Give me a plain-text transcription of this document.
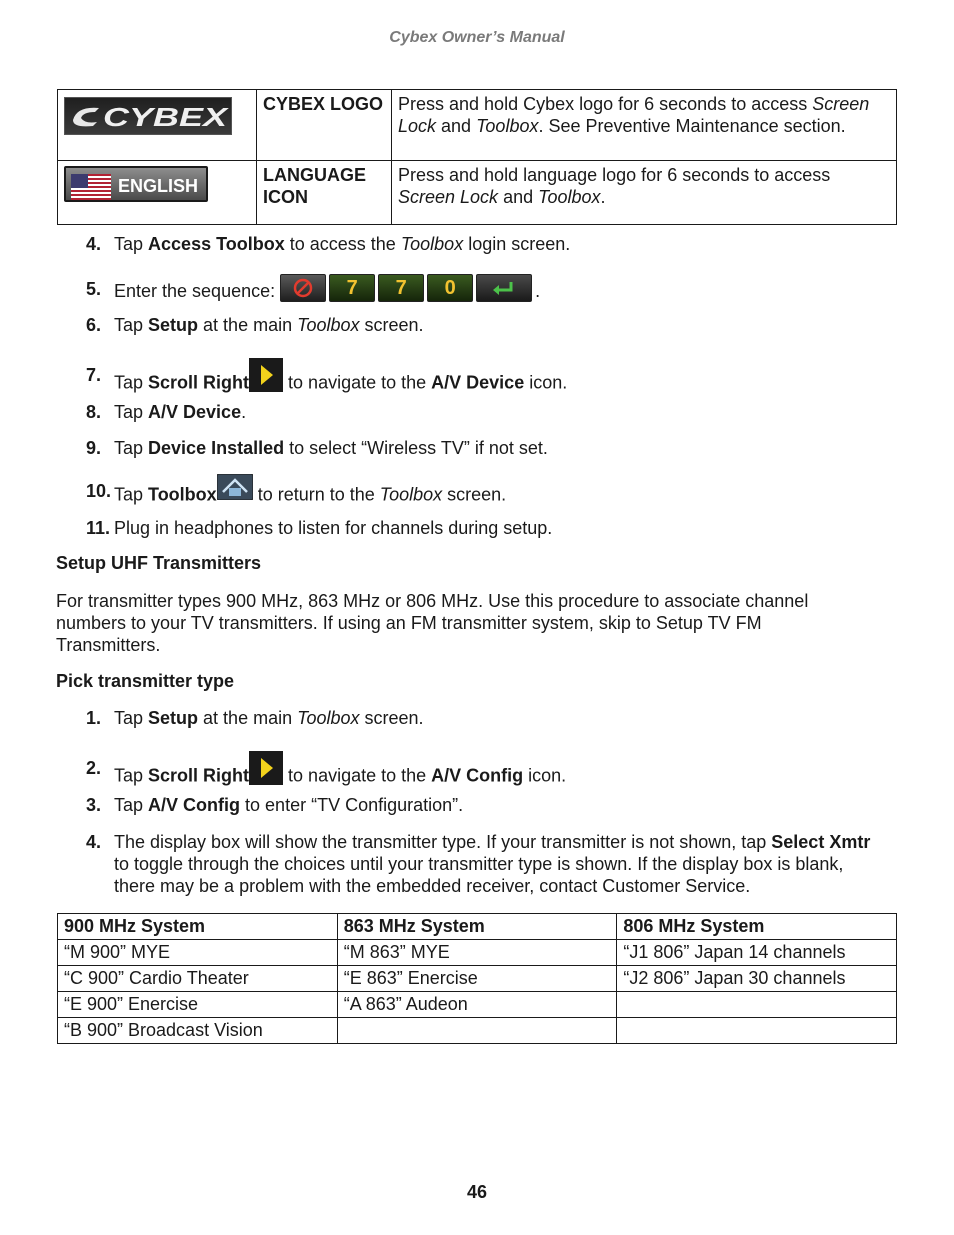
Cybex Owner’s Manual
CYBEX	CYBEX LOGO	Press and hold Cybex logo for 6 seconds to access Screen Lock and Toolbox. See Preventive Maintenance section.

ENGLISH	LANGUAGE ICON	Press and hold language logo for 6 seconds to access Screen Lock and Toolbox.
4. Tap Access Toolbox to access the Toolbox login screen.
5. Enter the sequence:	7 7 0	.
6. Tap Setup at the main Toolbox screen.
7. Tap Scroll Right to navigate to the A/V Device icon.
8. Tap A/V Device.
9. Tap Device Installed to select “Wireless TV” if not set.
10. Tap Toolbox to return to the Toolbox screen.
11. Plug in headphones to listen for channels during setup.
Setup UHF Transmitters
For transmitter types 900 MHz, 863 MHz or 806 MHz. Use this procedure to associate channel numbers to your TV transmitters. If using an FM transmitter system, skip to Setup TV FM Transmitters.
Pick transmitter type
1. Tap Setup at the main Toolbox screen.
2. Tap Scroll Right to navigate to the A/V Config icon.
3. Tap A/V Config to enter “TV Configuration”.
4. The display box will show the transmitter type. If your transmitter is not shown, tap Select Xmtr to toggle through the choices until your transmitter type is shown. If the display box is blank, there may be a problem with the embedded receiver, contact Customer Service.
900 MHz System	863 MHz System	806 MHz System
“M 900” MYE	“M 863” MYE	“J1 806” Japan 14 channels
“C 900” Cardio Theater	“E 863” Enercise	“J2 806” Japan 30 channels
“E 900” Enercise	“A 863” Audeon	
“B 900” Broadcast Vision		
46
